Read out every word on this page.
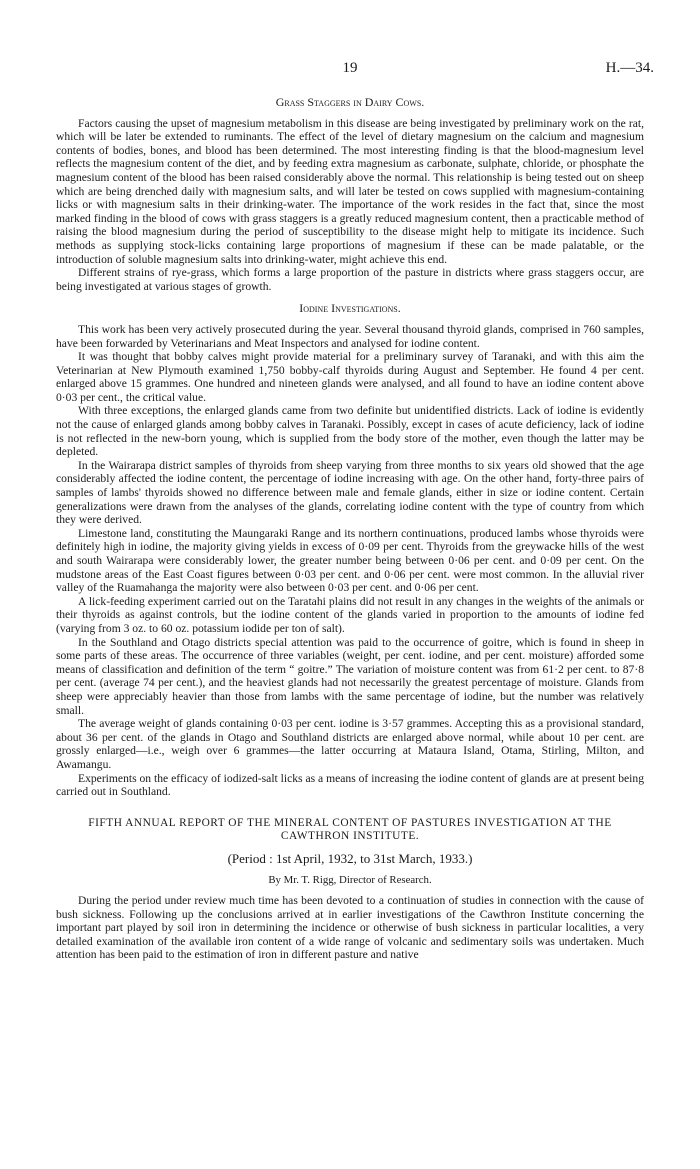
19	H.—34.
Grass Staggers in Dairy Cows.

Factors causing the upset of magnesium metabolism in this disease are being investigated by preliminary work on the rat, which will be later be extended to ruminants. The effect of the level of dietary magnesium on the calcium and magnesium contents of bodies, bones, and blood has been determined. The most interesting finding is that the blood-magnesium level reflects the magnesium content of the diet, and by feeding extra magnesium as carbonate, sulphate, chloride, or phosphate the magnesium content of the blood has been raised considerably above the normal. This relationship is being tested out on sheep which are being drenched daily with magnesium salts, and will later be tested on cows supplied with magnesium-containing licks or with magnesium salts in their drinking-water. The importance of the work resides in the fact that, since the most marked finding in the blood of cows with grass staggers is a greatly reduced magnesium content, then a practicable method of raising the blood magnesium during the period of susceptibility to the disease might help to mitigate its incidence. Such methods as supplying stock-licks containing large proportions of magnesium if these can be made palatable, or the introduction of soluble magnesium salts into drinking-water, might achieve this end.

Different strains of rye-grass, which forms a large proportion of the pasture in districts where grass staggers occur, are being investigated at various stages of growth.

Iodine Investigations.

This work has been very actively prosecuted during the year. Several thousand thyroid glands, comprised in 760 samples, have been forwarded by Veterinarians and Meat Inspectors and analysed for iodine content.

It was thought that bobby calves might provide material for a preliminary survey of Taranaki, and with this aim the Veterinarian at New Plymouth examined 1,750 bobby-calf thyroids during August and September. He found 4 per cent. enlarged above 15 grammes. One hundred and nineteen glands were analysed, and all found to have an iodine content above 0·03 per cent., the critical value.

With three exceptions, the enlarged glands came from two definite but unidentified districts. Lack of iodine is evidently not the cause of enlarged glands among bobby calves in Taranaki. Possibly, except in cases of acute deficiency, lack of iodine is not reflected in the new-born young, which is supplied from the body store of the mother, even though the latter may be depleted.

In the Wairarapa district samples of thyroids from sheep varying from three months to six years old showed that the age considerably affected the iodine content, the percentage of iodine increasing with age. On the other hand, forty-three pairs of samples of lambs' thyroids showed no difference between male and female glands, either in size or iodine content. Certain generalizations were drawn from the analyses of the glands, correlating iodine content with the type of country from which they were derived.

Limestone land, constituting the Maungaraki Range and its northern continuations, produced lambs whose thyroids were definitely high in iodine, the majority giving yields in excess of 0·09 per cent. Thyroids from the greywacke hills of the west and south Wairarapa were considerably lower, the greater number being between 0·06 per cent. and 0·09 per cent. On the mudstone areas of the East Coast figures between 0·03 per cent. and 0·06 per cent. were most common. In the alluvial river valley of the Ruamahanga the majority were also between 0·03 per cent. and 0·06 per cent.

A lick-feeding experiment carried out on the Taratahi plains did not result in any changes in the weights of the animals or their thyroids as against controls, but the iodine content of the glands varied in proportion to the amounts of iodine fed (varying from 3 oz. to 60 oz. potassium iodide per ton of salt).

In the Southland and Otago districts special attention was paid to the occurrence of goitre, which is found in sheep in some parts of these areas. The occurrence of three variables (weight, per cent. iodine, and per cent. moisture) afforded some means of classification and definition of the term “ goitre.” The variation of moisture content was from 61·2 per cent. to 87·8 per cent. (average 74 per cent.), and the heaviest glands had not necessarily the greatest percentage of moisture. Glands from sheep were appreciably heavier than those from lambs with the same percentage of iodine, but the number was relatively small.

The average weight of glands containing 0·03 per cent. iodine is 3·57 grammes. Accepting this as a provisional standard, about 36 per cent. of the glands in Otago and Southland districts are enlarged above normal, while about 10 per cent. are grossly enlarged—i.e., weigh over 6 grammes—the latter occurring at Mataura Island, Otama, Stirling, Milton, and Awamangu.

Experiments on the efficacy of iodized-salt licks as a means of increasing the iodine content of glands are at present being carried out in Southland.

FIFTH ANNUAL REPORT OF THE MINERAL CONTENT OF PASTURES INVESTIGATION AT THE CAWTHRON INSTITUTE.
(Period : 1st April, 1932, to 31st March, 1933.)
By Mr. T. Rigg, Director of Research.

During the period under review much time has been devoted to a continuation of studies in connection with the cause of bush sickness. Following up the conclusions arrived at in earlier investigations of the Cawthron Institute concerning the important part played by soil iron in determining the incidence or otherwise of bush sickness in particular localities, a very detailed examination of the available iron content of a wide range of volcanic and sedimentary soils was undertaken. Much attention has been paid to the estimation of iron in different pasture and native
